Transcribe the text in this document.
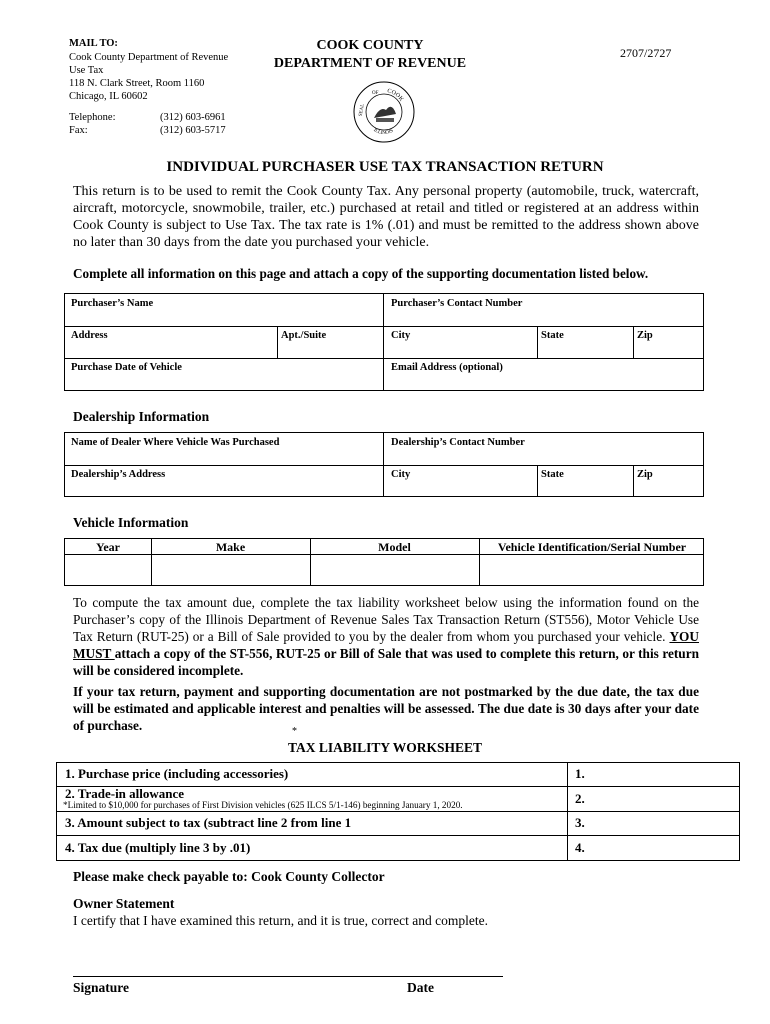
MAIL TO:
Cook County Department of Revenue
Use Tax
118 N. Clark Street, Room 1160
Chicago, IL 60602
Telephone:	(312) 603-6961
Fax:	(312) 603-5717
COOK COUNTY
DEPARTMENT OF REVENUE
2707/2727
COOK
ILLINOIS
SEAL
OF
INDIVIDUAL PURCHASER USE TAX TRANSACTION RETURN
This return is to be used to remit the Cook County Tax. Any personal property (automobile, truck, watercraft, aircraft, motorcycle, snowmobile, trailer, etc.) purchased at retail and titled or registered at an address within Cook County is subject to Use Tax. The tax rate is 1% (.01) and must be remitted to the address shown above no later than 30 days from the date you purchased your vehicle.
Complete all information on this page and attach a copy of the supporting documentation listed below.
Purchaser’s Name	Purchaser’s Contact Number
Address	Apt./Suite	City	State	Zip
Purchase Date of Vehicle	Email Address (optional)
Dealership Information
Name of Dealer Where Vehicle Was Purchased	Dealership’s Contact Number
Dealership’s Address	City	State	Zip
Vehicle Information
Year	Make	Model	Vehicle Identification/Serial Number
To compute the tax amount due, complete the tax liability worksheet below using the information found on the Purchaser’s copy of the Illinois Department of Revenue Sales Tax Transaction Return (ST556), Motor Vehicle Use Tax Return (RUT-25) or a Bill of Sale provided to you by the dealer from whom you purchased your vehicle. YOU MUST attach a copy of the ST-556, RUT-25 or Bill of Sale that was used to complete this return, or this return will be considered incomplete.
If your tax return, payment and supporting documentation are not postmarked by the due date, the tax due will be estimated and applicable interest and penalties will be assessed. The due date is 30 days after your date of purchase.	*
TAX LIABILITY WORKSHEET
1. Purchase price (including accessories)	1.
2. Trade-in allowance
*Limited to $10,000 for purchases of First Division vehicles (625 ILCS 5/1-146) beginning January 1, 2020.	2.
3. Amount subject to tax (subtract line 2 from line 1	3.
4. Tax due (multiply line 3 by .01)	4.
Please make check payable to: Cook County Collector
Owner Statement
I certify that I have examined this return, and it is true, correct and complete.
Signature	Date
